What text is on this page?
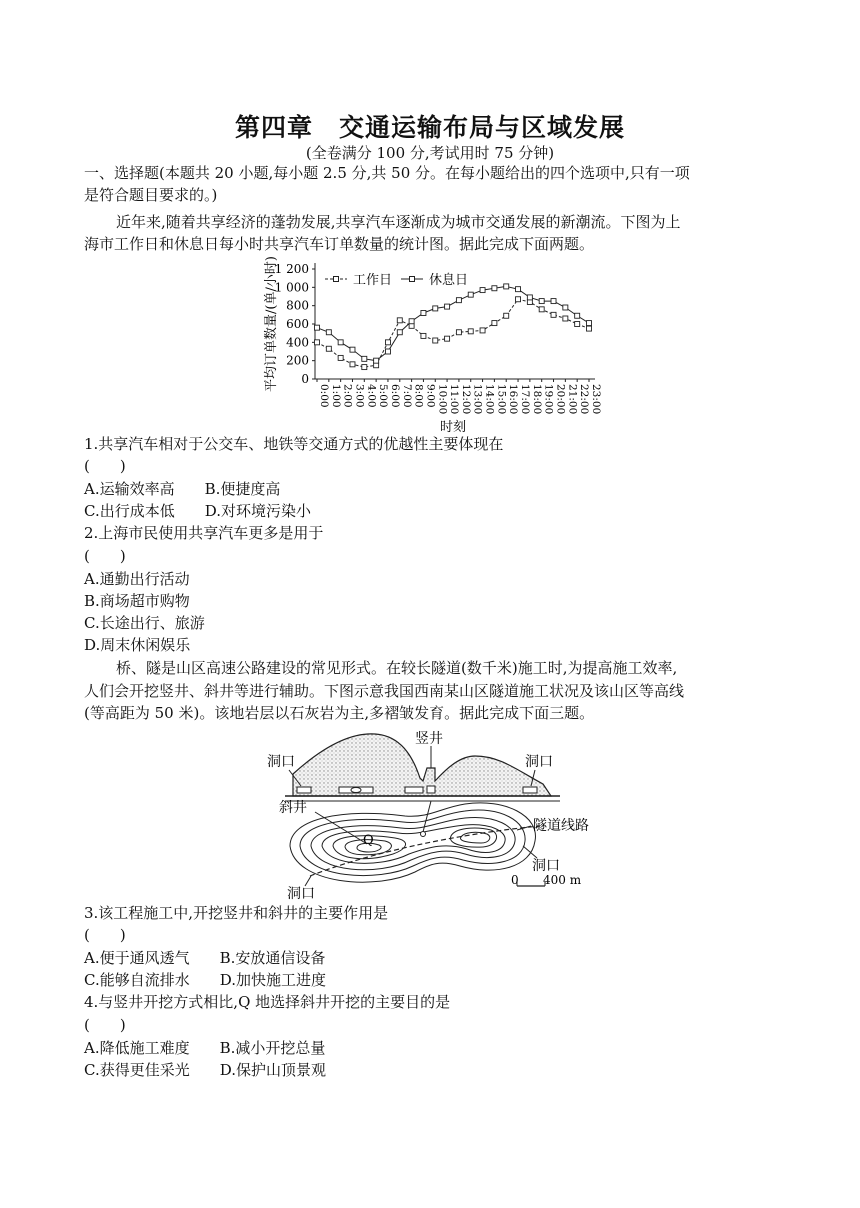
第四章　交通运输布局与区域发展
(全卷满分 100 分,考试用时 75 分钟)
一、选择题(本题共 20 小题,每小题 2.5 分,共 50 分。在每小题给出的四个选项中,只有一项
是符合题目要求的。)
近年来,随着共享经济的蓬勃发展,共享汽车逐渐成为城市交通发展的新潮流。下图为上
海市工作日和休息日每小时共享汽车订单数量的统计图。据此完成下面两题。
0
200
400
600
800
1 000
1 200
0:00 1:00 2:00 3:00 4:00 5:00 6:00 7:00 8:00 9:00 10:00 11:00 12:00 13:00 14:00 15:00 16:00 17:00 18:00 19:00 20:00 21:00 22:00 23:00
平均订单数量/(单/小时)
时刻
工作日	休息日
1.共享汽车相对于公交车、地铁等交通方式的优越性主要体现在
(　　)
A.运输效率高　　B.便捷度高
C.出行成本低　　D.对环境污染小
2.上海市民使用共享汽车更多是用于
(　　)
A.通勤出行活动
B.商场超市购物
C.长途出行、旅游
D.周末休闲娱乐
桥、隧是山区高速公路建设的常见形式。在较长隧道(数千米)施工时,为提高施工效率,
人们会开挖竖井、斜井等进行辅助。下图示意我国西南某山区隧道施工状况及该山区等高线
(等高距为 50 米)。该地岩层以石灰岩为主,多褶皱发育。据此完成下面三题。
洞口
竖井
洞口
Q
斜井
隧道线路
洞口
洞口
0 400 m
3.该工程施工中,开挖竖井和斜井的主要作用是
(　　)
A.便于通风透气　　B.安放通信设备
C.能够自流排水　　D.加快施工进度
4.与竖井开挖方式相比,Q 地选择斜井开挖的主要目的是
(　　)
A.降低施工难度　　B.减小开挖总量
C.获得更佳采光　　D.保护山顶景观
